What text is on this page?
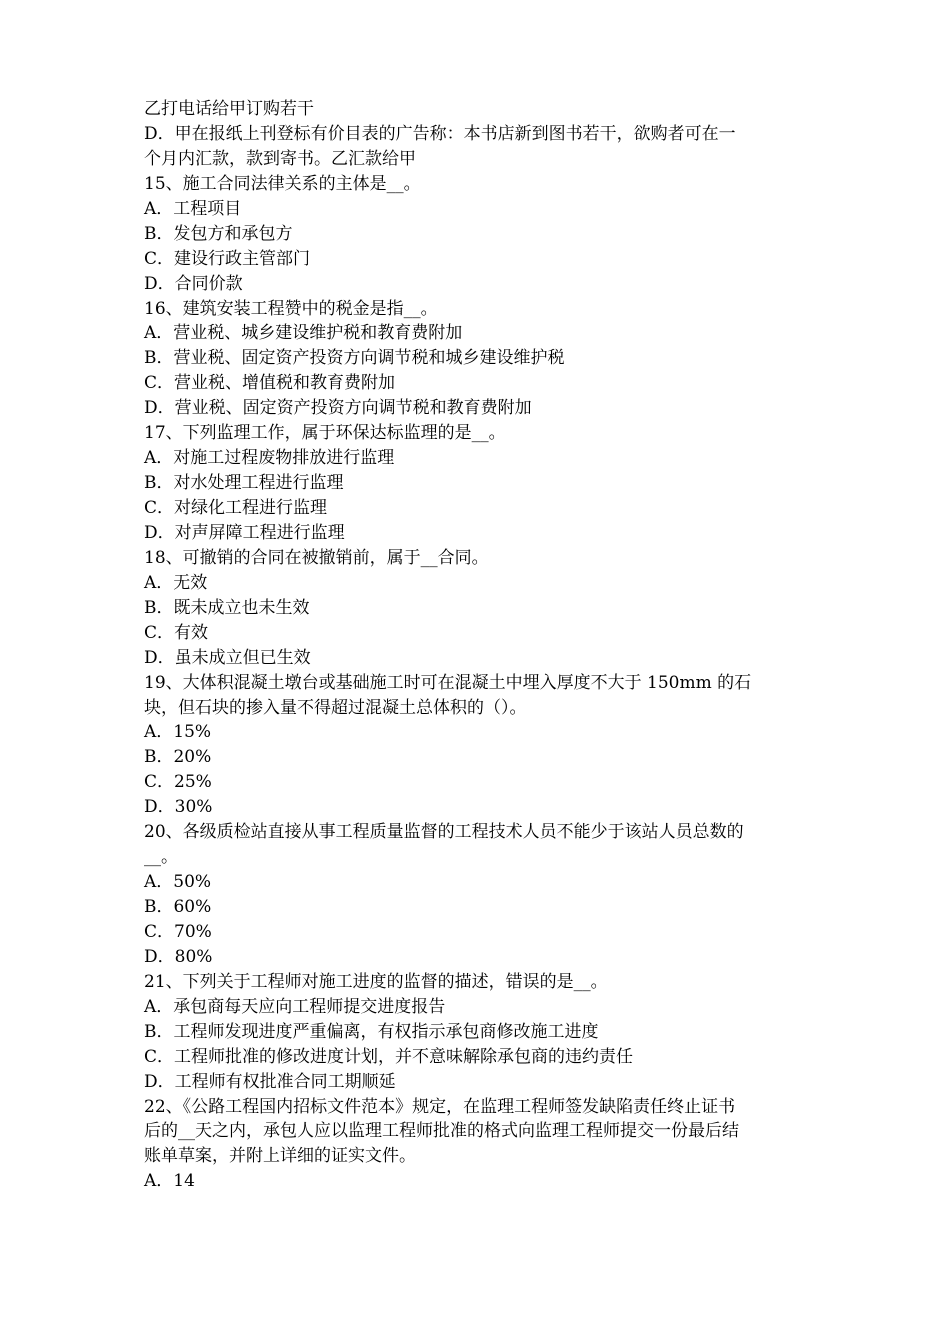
乙打电话给甲订购若干
D．甲在报纸上刊登标有价目表的广告称：本书店新到图书若干，欲购者可在一
个月内汇款，款到寄书。乙汇款给甲
15、施工合同法律关系的主体是__。
A．工程项目
B．发包方和承包方
C．建设行政主管部门
D．合同价款
16、建筑安装工程赞中的税金是指__。
A．营业税、城乡建设维护税和教育费附加
B．营业税、固定资产投资方向调节税和城乡建设维护税
C．营业税、增值税和教育费附加
D．营业税、固定资产投资方向调节税和教育费附加
17、下列监理工作，属于环保达标监理的是__。
A．对施工过程废物排放进行监理
B．对水处理工程进行监理
C．对绿化工程进行监理
D．对声屏障工程进行监理
18、可撤销的合同在被撤销前，属于__合同。
A．无效
B．既未成立也未生效
C．有效
D．虽未成立但已生效
19、大体积混凝土墩台或基础施工时可在混凝土中埋入厚度不大于 150mm 的石
块，但石块的掺入量不得超过混凝土总体积的（）。
A．15%
B．20%
C．25%
D．30%
20、各级质检站直接从事工程质量监督的工程技术人员不能少于该站人员总数的
__。
A．50%
B．60%
C．70%
D．80%
21、下列关于工程师对施工进度的监督的描述，错误的是__。
A．承包商每天应向工程师提交进度报告
B．工程师发现进度严重偏离，有权指示承包商修改施工进度
C．工程师批准的修改进度计划，并不意味解除承包商的违约责任
D．工程师有权批准合同工期顺延
22、《公路工程国内招标文件范本》规定，在监理工程师签发缺陷责任终止证书
后的__天之内，承包人应以监理工程师批准的格式向监理工程师提交一份最后结
账单草案，并附上详细的证实文件。
A．14
